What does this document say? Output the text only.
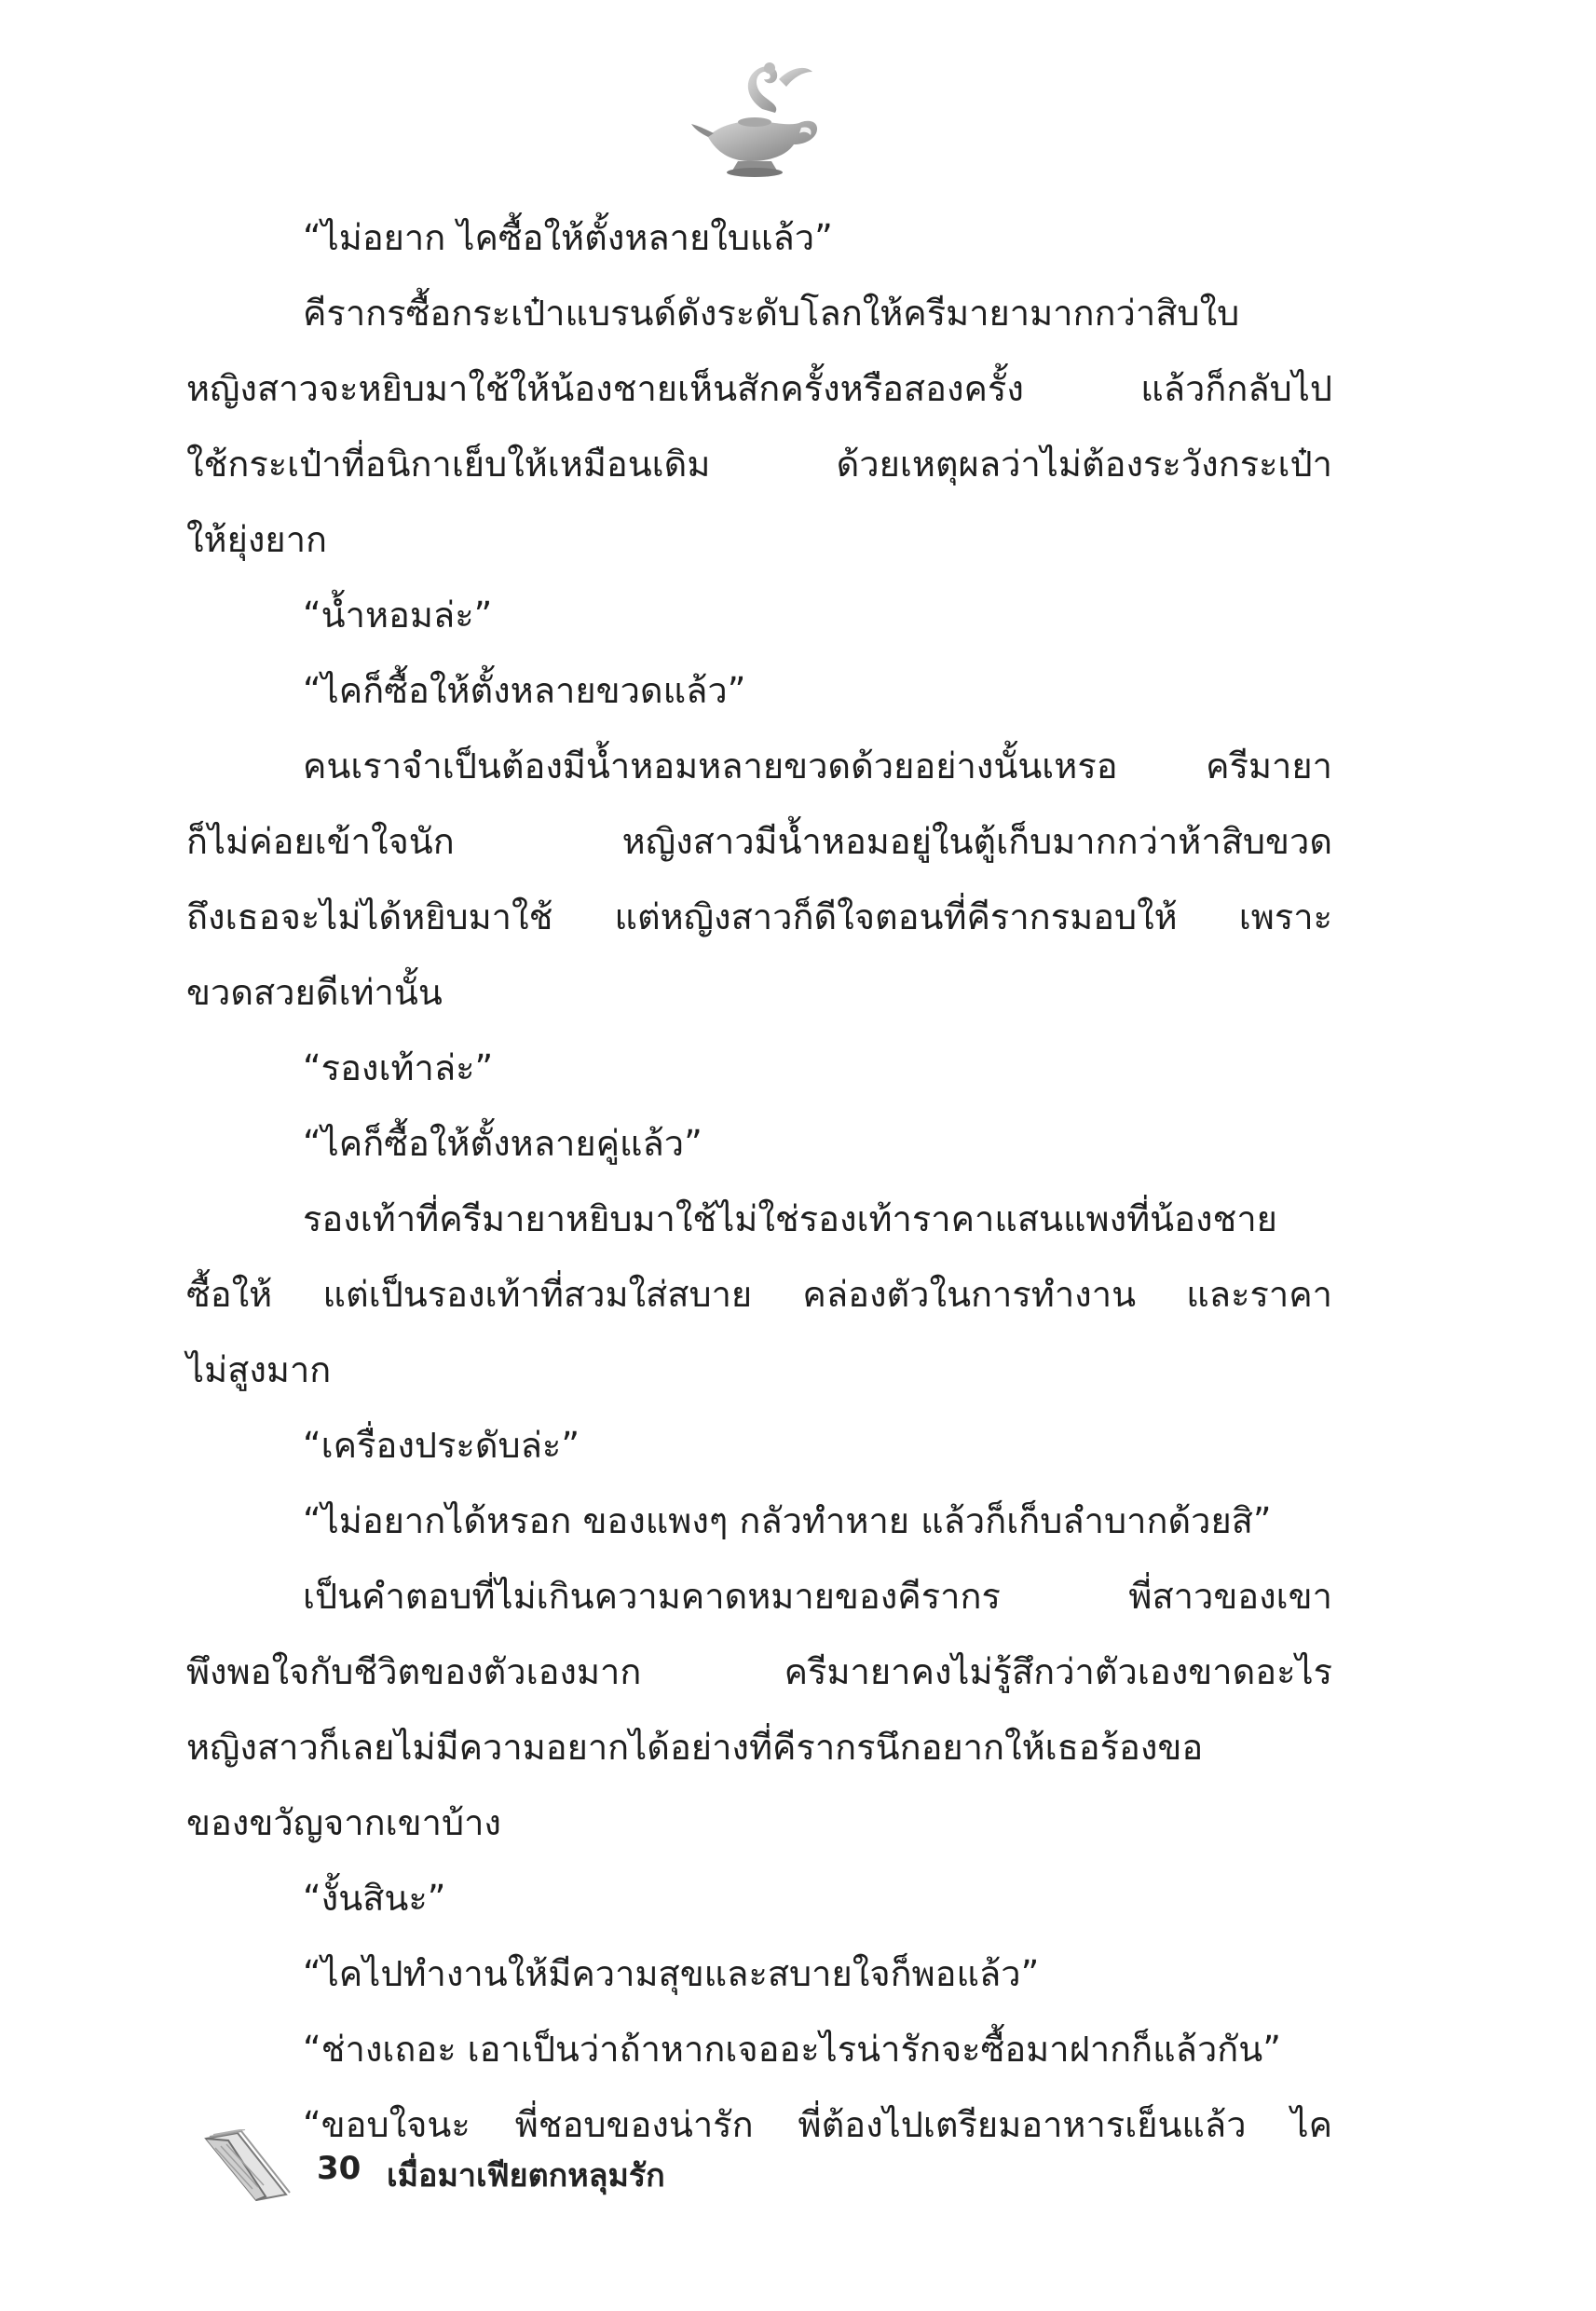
“ไม่อยาก ไคซื้อให้ตั้งหลายใบแล้ว”
คีรากรซื้อกระเป๋าแบรนด์ดังระดับโลกให้ครีมายามากกว่าสิบใบ
หญิงสาวจะหยิบมาใช้ให้น้องชายเห็นสักครั้งหรือสองครั้ง แล้วก็กลับไป
ใช้กระเป๋าที่อนิกาเย็บให้เหมือนเดิม ด้วยเหตุผลว่าไม่ต้องระวังกระเป๋า
ให้ยุ่งยาก
“น้ำหอมล่ะ”
“ไคก็ซื้อให้ตั้งหลายขวดแล้ว”
คนเราจำเป็นต้องมีน้ำหอมหลายขวดด้วยอย่างนั้นเหรอ ครีมายา
ก็ไม่ค่อยเข้าใจนัก หญิงสาวมีน้ำหอมอยู่ในตู้เก็บมากกว่าห้าสิบขวด
ถึงเธอจะไม่ได้หยิบมาใช้ แต่หญิงสาวก็ดีใจตอนที่คีรากรมอบให้ เพราะ
ขวดสวยดีเท่านั้น
“รองเท้าล่ะ”
“ไคก็ซื้อให้ตั้งหลายคู่แล้ว”
รองเท้าที่ครีมายาหยิบมาใช้ไม่ใช่รองเท้าราคาแสนแพงที่น้องชาย
ซื้อให้ แต่เป็นรองเท้าที่สวมใส่สบาย คล่องตัวในการทำงาน และราคา
ไม่สูงมาก
“เครื่องประดับล่ะ”
“ไม่อยากได้หรอก ของแพงๆ กลัวทำหาย แล้วก็เก็บลำบากด้วยสิ”
เป็นคำตอบที่ไม่เกินความคาดหมายของคีรากร พี่สาวของเขา
พึงพอใจกับชีวิตของตัวเองมาก ครีมายาคงไม่รู้สึกว่าตัวเองขาดอะไร
หญิงสาวก็เลยไม่มีความอยากได้อย่างที่คีรากรนึกอยากให้เธอร้องขอ
ของขวัญจากเขาบ้าง
“งั้นสินะ”
“ไคไปทำงานให้มีความสุขและสบายใจก็พอแล้ว”
“ช่างเถอะ เอาเป็นว่าถ้าหากเจออะไรน่ารักจะซื้อมาฝากก็แล้วกัน”
“ขอบใจนะ พี่ชอบของน่ารัก พี่ต้องไปเตรียมอาหารเย็นแล้ว ไค
30 เมื่อมาเฟียตกหลุมรัก
